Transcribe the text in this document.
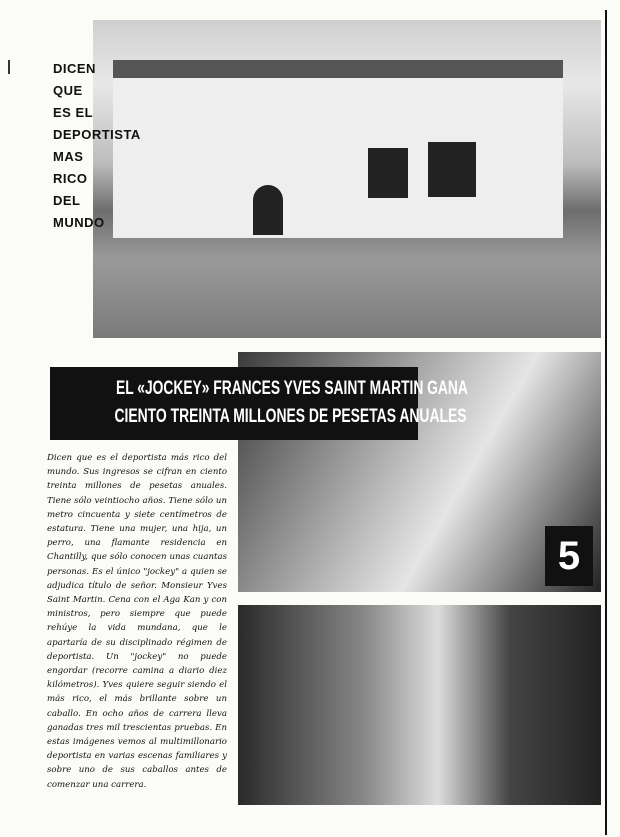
DICEN
QUE
ES EL
DEPORTISTA
MAS
RICO
DEL
MUNDO
5
EL «JOCKEY» FRANCES YVES SAINT MARTIN GANA
CIENTO TREINTA MILLONES DE PESETAS ANUALES
Dicen que es el deportista más rico del mundo. Sus ingresos se cifran en ciento treinta millones de pesetas anuales. Tiene sólo veintiocho años. Tiene sólo un metro cincuenta y siete centímetros de estatura. Tiene una mujer, una hija, un perro, una flamante residencia en Chantilly, que sólo conocen unas cuantas personas. Es el único "jockey" a quien se adjudica título de señor. Monsieur Yves Saint Martin. Cena con el Aga Kan y con ministros, pero siempre que puede rehúye la vida mundana, que le apartaría de su disciplinado régimen de deportista. Un "jockey" no puede engordar (recorre camina a diario diez kilómetros). Yves quiere seguir siendo el más rico, el más brillante sobre un caballo. En ocho años de carrera lleva ganadas tres mil trescientas pruebas. En estas imágenes vemos al multimillonario deportista en varias escenas familiares y sobre uno de sus caballos antes de comenzar una carrera.
